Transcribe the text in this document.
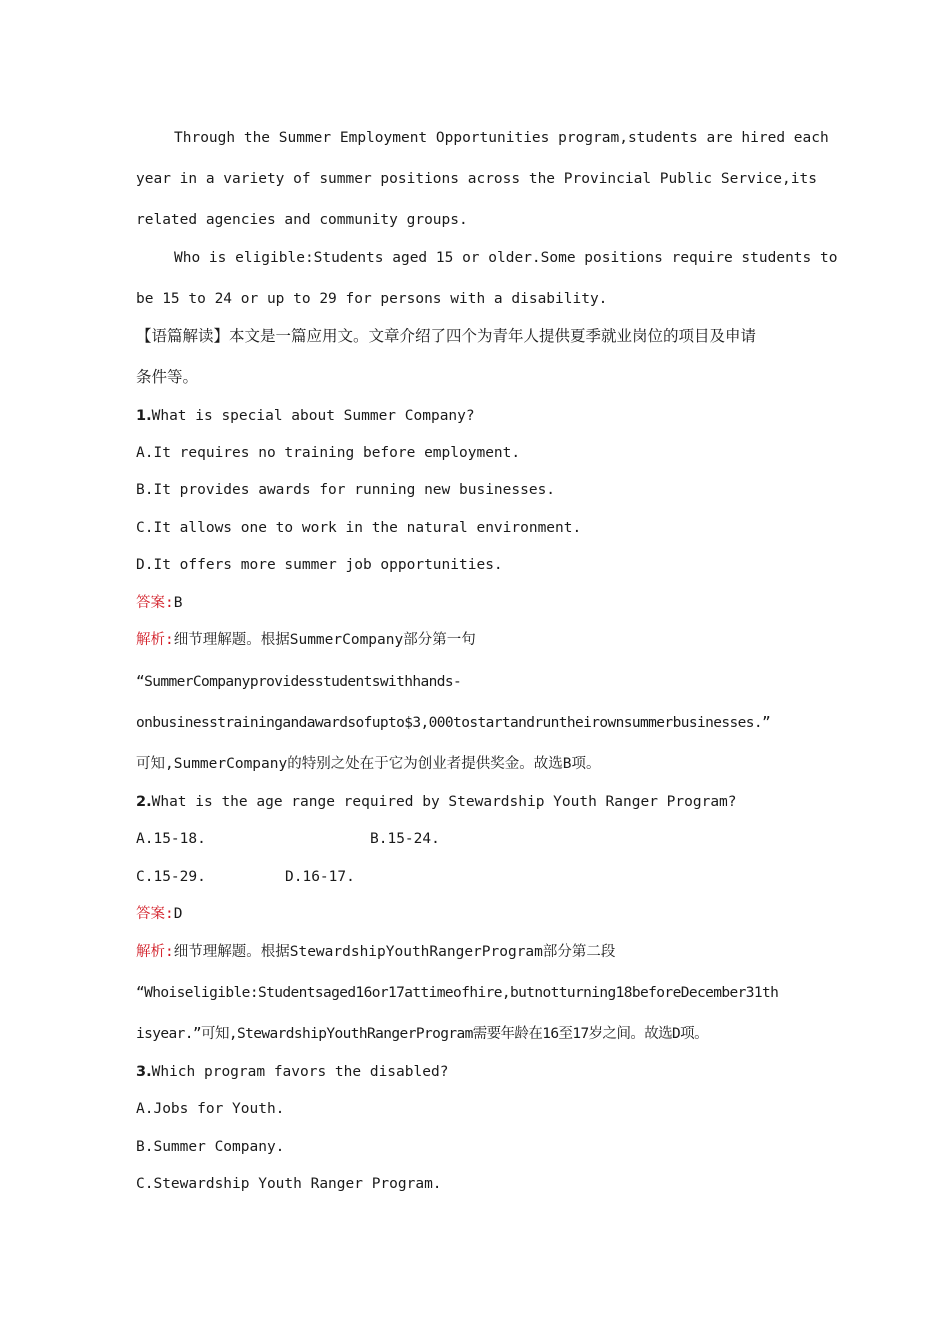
Through the Summer Employment Opportunities program,students are hired each
year in a variety of summer positions across the Provincial Public Service,its
related agencies and community groups.
Who is eligible:Students aged 15 or older.Some positions require students to
be 15 to 24 or up to 29 for persons with a disability.
【语篇解读】本文是一篇应用文。文章介绍了四个为青年人提供夏季就业岗位的项目及申请
条件等。
1.What is special about Summer Company?
A.It requires no training before employment.
B.It provides awards for running new businesses.
C.It allows one to work in the natural environment.
D.It offers more summer job opportunities.
答案:B
解析:细节理解题。根据SummerCompany部分第一句
“SummerCompanyprovidesstudentswithhands-
onbusinesstrainingandawardsofupto$3,000tostartandruntheirownsummerbusinesses.”
可知,SummerCompany的特别之处在于它为创业者提供奖金。故选B项。
2.What is the age range required by Stewardship Youth Ranger Program?
A.15-18.	B.15-24.
C.15-29.	D.16-17.
答案:D
解析:细节理解题。根据StewardshipYouthRangerProgram部分第二段
“Whoiseligible:Studentsaged16or17attimeofhire,butnotturning18beforeDecember31th
isyear.”可知,StewardshipYouthRangerProgram需要年龄在16至17岁之间。故选D项。
3.Which program favors the disabled?
A.Jobs for Youth.
B.Summer Company.
C.Stewardship Youth Ranger Program.
